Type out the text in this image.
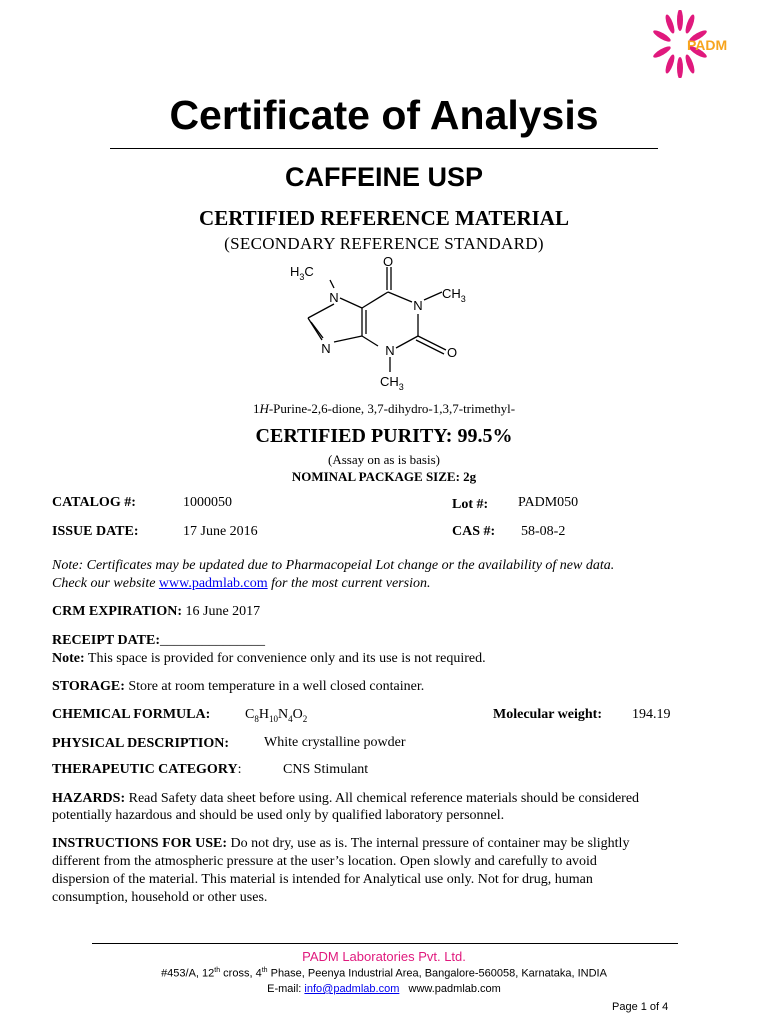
PADM
Certificate of Analysis
CAFFEINE USP
CERTIFIED REFERENCE MATERIAL
(SECONDARY REFERENCE STANDARD)
O
$H_3C$
$CH_3$
N
N
N	N	O
$CH_3$
1H-Purine-2,6-dione, 3,7-dihydro-1,3,7-trimethyl-
CERTIFIED PURITY: 99.5%
(Assay on as is basis)
NOMINAL PACKAGE SIZE: 2g
CATALOG #:	1000050	Lot #: PADM050
ISSUE DATE:	17 June 2016	CAS #: 58-08-2
Note: Certificates may be updated due to Pharmacopeial Lot change or the availability of new data.
Check our website www.padmlab.com for the most current version.
CRM EXPIRATION: 16 June 2017
RECEIPT DATE:_______________
Note: This space is provided for convenience only and its use is not required.
STORAGE: Store at room temperature in a well closed container.
CHEMICAL FORMULA: $C_8H_{10}N_4O_2$	Molecular weight: 194.19
PHYSICAL DESCRIPTION:	White crystalline powder
THERAPEUTIC CATEGORY:	CNS Stimulant
HAZARDS: Read Safety data sheet before using. All chemical reference materials should be considered
potentially hazardous and should be used only by qualified laboratory personnel.
INSTRUCTIONS FOR USE: Do not dry, use as is. The internal pressure of container may be slightly
different from the atmospheric pressure at the user’s location. Open slowly and carefully to avoid
dispersion of the material. This material is intended for Analytical use only. Not for drug, human
consumption, household or other uses.
PADM Laboratories Pvt. Ltd.
#453/A, 12th cross, 4th Phase, Peenya Industrial Area, Bangalore-560058, Karnataka, INDIA
E-mail: info@padmlab.com   www.padmlab.com
Page 1 of 4
